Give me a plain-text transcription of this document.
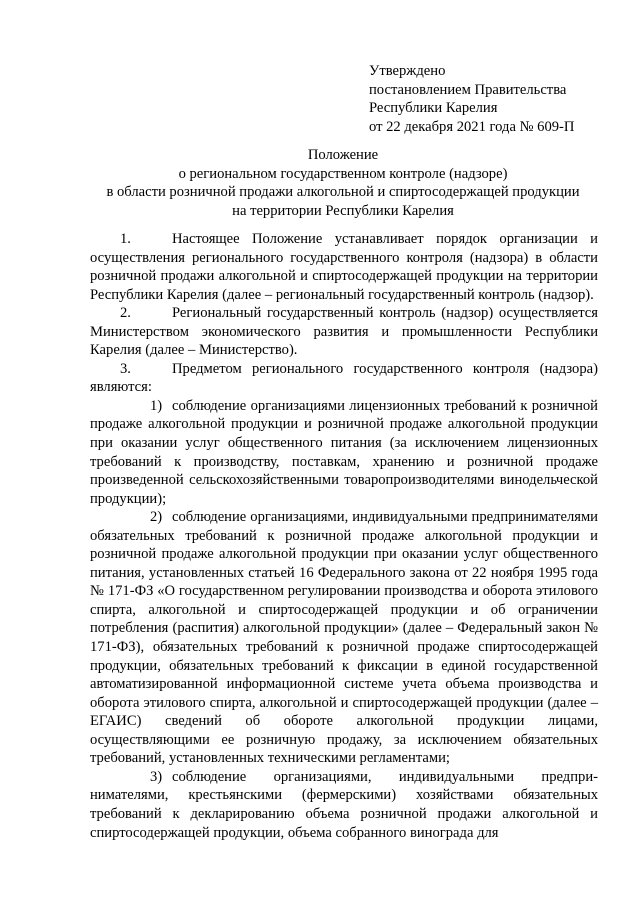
Утверждено
постановлением Правительства
Республики Карелия
от 22 декабря 2021 года № 609-П
Положение
о региональном государственном контроле (надзоре)
в области розничной продажи алкогольной и спиртосодержащей продукции
на территории Республики Карелия

1.	Настоящее Положение устанавливает порядок организации и осуществления регионального государственного контроля (надзора) в области розничной продажи алкогольной и спиртосодержащей продукции на территории Республики Карелия (далее – региональный государственный контроль (надзор).

2.	Региональный государственный контроль (надзор) осуществляется Министерством экономического развития и промышленности Республики Карелия (далее – Министерство).

3.	Предметом регионального государственного контроля (надзора) являются:

1) соблюдение организациями лицензионных требований к розничной продаже алкогольной продукции и розничной продаже алкогольной продукции при оказании услуг общественного питания (за исключением лицензионных требований к производству, поставкам, хранению и розничной продаже произведенной сельскохозяйственными товаропроизводителями винодельческой продукции);

2) соблюдение организациями, индивидуальными предпринимателями обязательных требований к розничной продаже алкогольной продукции и розничной продаже алкогольной продукции при оказании услуг общественного питания, установленных статьей 16 Федерального закона от 22 ноября 1995 года № 171-ФЗ «О государственном регулировании производства и оборота этилового спирта, алкогольной и спиртосодержащей продукции и об ограничении потребления (распития) алкогольной продукции» (далее – Федеральный закон № 171-ФЗ), обязательных требований к розничной продаже спиртосодержащей продукции, обязательных требований к фиксации в единой государственной автоматизированной информационной системе учета объема производства и оборота этилового спирта, алкогольной и спиртосодержащей продукции (далее – ЕГАИС) сведений об обороте алкогольной продукции лицами, осуществляющими ее розничную продажу, за исключением обязательных требований, установленных техническими регламентами;

3) соблюдение организациями, индивидуальными предпри-нимателями, крестьянскими (фермерскими) хозяйствами обязательных требований к декларированию объема розничной продажи алкогольной и спиртосодержащей продукции, объема собранного винограда для
